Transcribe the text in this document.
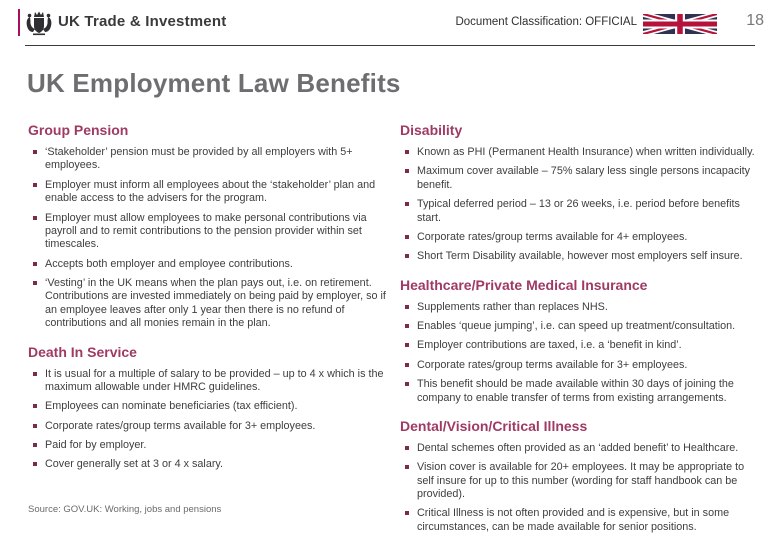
UK Trade & Investment	Document Classification: OFFICIAL	18
UK Employment Law Benefits
Group Pension
‘Stakeholder’ pension must be provided by all employers with 5+ employees.
Employer must inform all employees about the ‘stakeholder’ plan and enable access to the advisers for the program.
Employer must allow employees to make personal contributions via payroll and to remit contributions to the pension provider within set timescales.
Accepts both employer and employee contributions.
‘Vesting’ in the UK means when the plan pays out, i.e. on retirement. Contributions are invested immediately on being paid by employer, so if an employee leaves after only 1 year then there is no refund of contributions and all monies remain in the plan.
Death In Service
It is usual for a multiple of salary to be provided – up to 4 x which is the maximum allowable under HMRC guidelines.
Employees can nominate beneficiaries (tax efficient).
Corporate rates/group terms available for 3+ employees.
Paid for by employer.
Cover generally set at 3 or 4 x salary.
Disability
Known as PHI (Permanent Health Insurance) when written individually.
Maximum cover available – 75% salary less single persons incapacity benefit.
Typical deferred period – 13 or 26 weeks, i.e. period before benefits start.
Corporate rates/group terms available for 4+ employees.
Short Term Disability available, however most employers self insure.
Healthcare/Private Medical Insurance
Supplements rather than replaces NHS.
Enables ‘queue jumping’, i.e. can speed up treatment/consultation.
Employer contributions are taxed, i.e. a ‘benefit in kind’.
Corporate rates/group terms available for 3+ employees.
This benefit should be made available within 30 days of joining the company to enable transfer of terms from existing arrangements.
Dental/Vision/Critical Illness
Dental schemes often provided as an ‘added benefit’ to Healthcare.
Vision cover is available for 20+ employees. It may be appropriate to self insure for up to this number (wording for staff handbook can be provided).
Critical Illness is not often provided and is expensive, but in some circumstances, can be made available for senior positions.
Source: GOV.UK: Working, jobs and pensions
